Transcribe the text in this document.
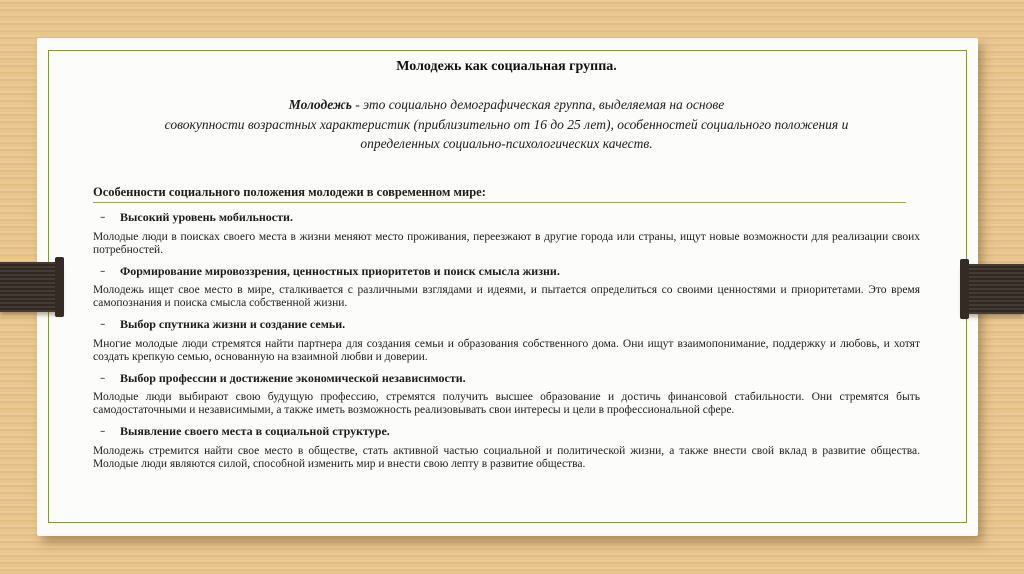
Молодежь как социальная группа.
Молодежь - это социально демографическая группа, выделяемая на основе
совокупности возрастных характеристик (приблизительно от 16 до 25 лет), особенностей социального положения и
определенных социально-психологических качеств.
Особенности социального положения молодежи в современном мире:
-	Высокий уровень мобильности.
Молодые люди в поисках своего места в жизни меняют место проживания, переезжают в другие города или страны, ищут новые возможности для реализации своих потребностей.
-	Формирование мировоззрения, ценностных приоритетов и поиск смысла жизни.
Молодежь ищет свое место в мире, сталкивается с различными взглядами и идеями, и пытается определиться со своими ценностями и приоритетами. Это время самопознания и поиска смысла собственной жизни.
-	Выбор спутника жизни и создание семьи.
Многие молодые люди стремятся найти партнера для создания семьи и образования собственного дома. Они ищут взаимопонимание, поддержку и любовь, и хотят создать крепкую семью, основанную на взаимной любви и доверии.
-	Выбор профессии и достижение экономической независимости.
Молодые люди выбирают свою будущую профессию, стремятся получить высшее образование и достичь финансовой стабильности. Они стремятся быть самодостаточными и независимыми, а также иметь возможность реализовывать свои интересы и цели в профессиональной сфере.
-	Выявление своего места в социальной структуре.
Молодежь стремится найти свое место в обществе, стать активной частью социальной и политической жизни, а также внести свой вклад в развитие общества. Молодые люди являются силой, способной изменить мир и внести свою лепту в развитие общества.
